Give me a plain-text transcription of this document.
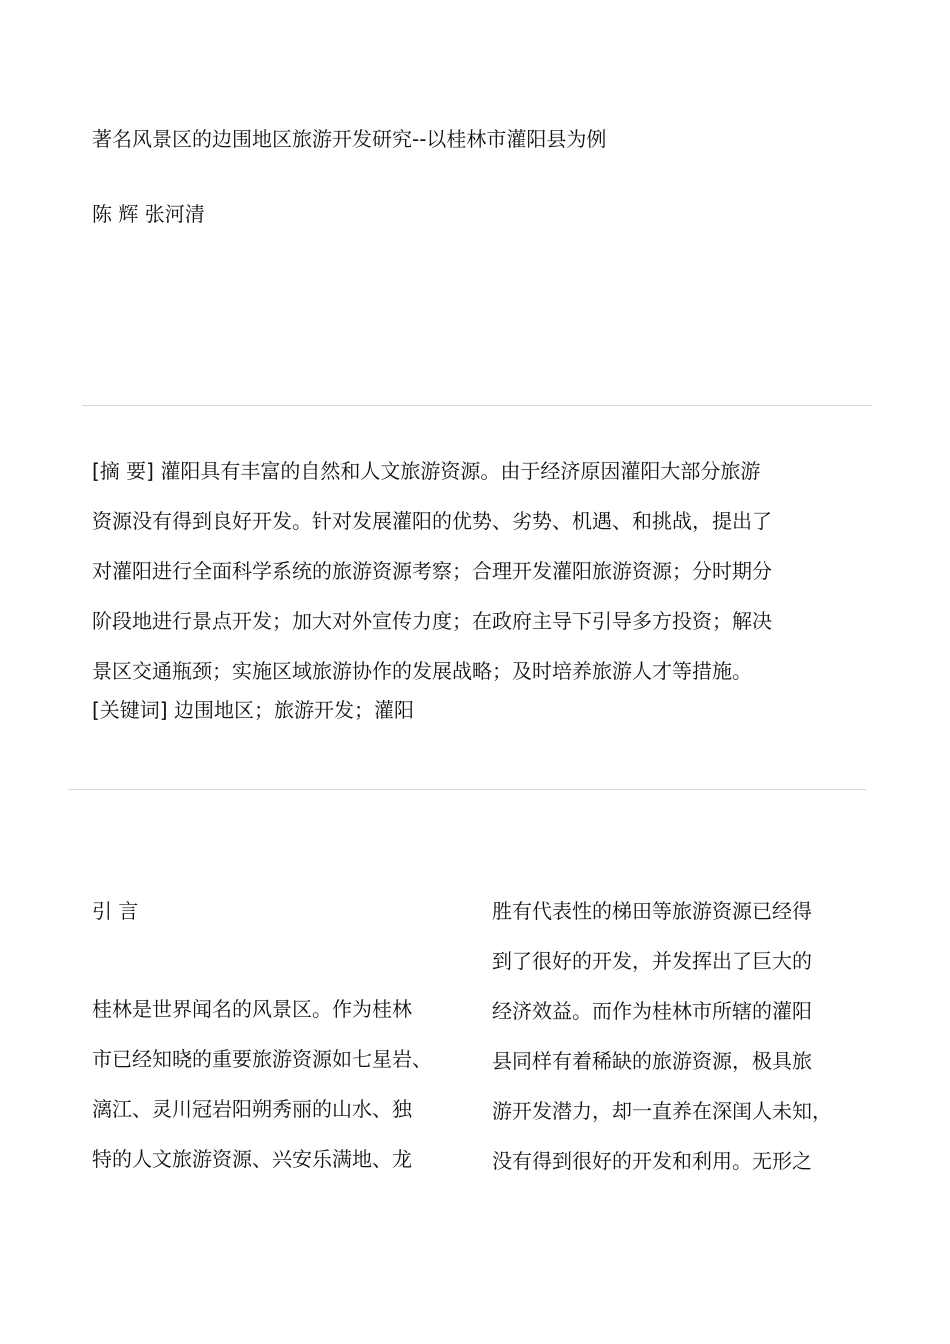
著名风景区的边围地区旅游开发研究--以桂林市灌阳县为例
陈 辉 张河清

[摘 要] 灌阳具有丰富的自然和人文旅游资源。由于经济原因灌阳大部分旅游

资源没有得到良好开发。针对发展灌阳的优势、劣势、机遇、和挑战，提出了

对灌阳进行全面科学系统的旅游资源考察；合理开发灌阳旅游资源；分时期分

阶段地进行景点开发；加大对外宣传力度；在政府主导下引导多方投资；解决

景区交通瓶颈；实施区域旅游协作的发展战略；及时培养旅游人才等措施。

[关键词] 边围地区；旅游开发；灌阳
引 言
桂林是世界闻名的风景区。作为桂林
市已经知晓的重要旅游资源如七星岩、
漓江、灵川冠岩阳朔秀丽的山水、独
特的人文旅游资源、兴安乐满地、龙
胜有代表性的梯田等旅游资源已经得
到了很好的开发，并发挥出了巨大的
经济效益。而作为桂林市所辖的灌阳
县同样有着稀缺的旅游资源，极具旅
游开发潜力，却一直养在深闺人未知，
没有得到很好的开发和利用。无形之
